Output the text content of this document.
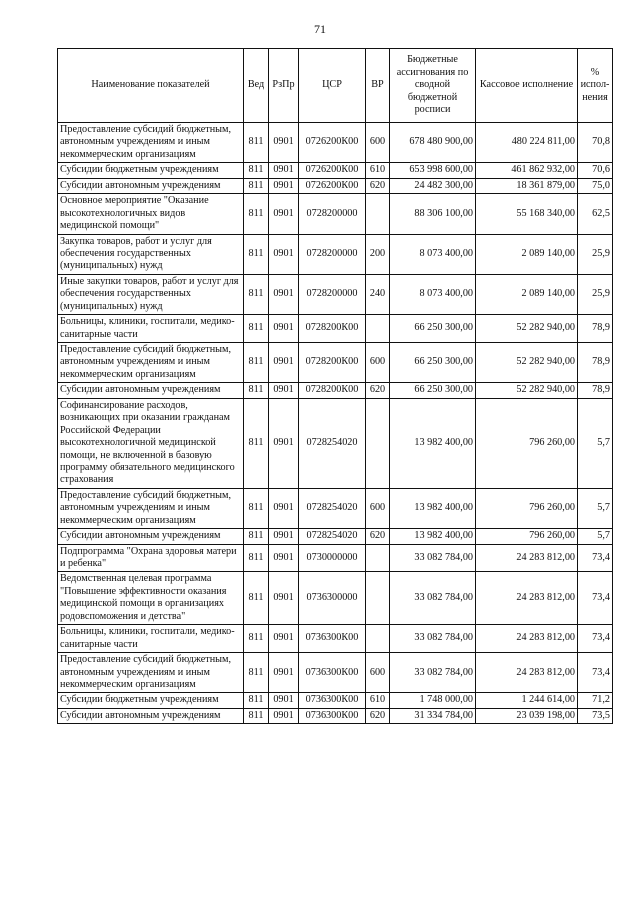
71
Наименование показателей	Вед	РзПр	ЦСР	ВР	Бюджетные ассигнования по сводной бюджетной росписи	Кассовое исполнение	% испол- нения
Предоставление субсидий бюджетным, автономным учреждениям и иным некоммерческим организациям	811	0901	0726200К00	600	678 480 900,00	480 224 811,00	70,8
Субсидии бюджетным учреждениям	811	0901	0726200К00	610	653 998 600,00	461 862 932,00	70,6
Субсидии автономным учреждениям	811	0901	0726200К00	620	24 482 300,00	18 361 879,00	75,0
Основное мероприятие "Оказание высокотехнологичных видов медицинской помощи"	811	0901	0728200000		88 306 100,00	55 168 340,00	62,5
Закупка товаров, работ и услуг для обеспечения государственных (муниципальных) нужд	811	0901	0728200000	200	8 073 400,00	2 089 140,00	25,9
Иные закупки товаров, работ и услуг для обеспечения государственных (муниципальных) нужд	811	0901	0728200000	240	8 073 400,00	2 089 140,00	25,9
Больницы, клиники, госпитали, медико-санитарные части	811	0901	0728200К00		66 250 300,00	52 282 940,00	78,9
Предоставление субсидий бюджетным, автономным учреждениям и иным некоммерческим организациям	811	0901	0728200К00	600	66 250 300,00	52 282 940,00	78,9
Субсидии автономным учреждениям	811	0901	0728200К00	620	66 250 300,00	52 282 940,00	78,9
Софинансирование расходов, возникающих при оказании гражданам Российской Федерации высокотехнологичной медицинской помощи, не включенной в базовую программу обязательного медицинского страхования	811	0901	0728254020		13 982 400,00	796 260,00	5,7
Предоставление субсидий бюджетным, автономным учреждениям и иным некоммерческим организациям	811	0901	0728254020	600	13 982 400,00	796 260,00	5,7
Субсидии автономным учреждениям	811	0901	0728254020	620	13 982 400,00	796 260,00	5,7
Подпрограмма "Охрана здоровья матери и ребенка"	811	0901	0730000000		33 082 784,00	24 283 812,00	73,4
Ведомственная целевая программа "Повышение эффективности оказания медицинской помощи в организациях родовспоможения и детства"	811	0901	0736300000		33 082 784,00	24 283 812,00	73,4
Больницы, клиники, госпитали, медико-санитарные части	811	0901	0736300К00		33 082 784,00	24 283 812,00	73,4
Предоставление субсидий бюджетным, автономным учреждениям и иным некоммерческим организациям	811	0901	0736300К00	600	33 082 784,00	24 283 812,00	73,4
Субсидии бюджетным учреждениям	811	0901	0736300К00	610	1 748 000,00	1 244 614,00	71,2
Субсидии автономным учреждениям	811	0901	0736300К00	620	31 334 784,00	23 039 198,00	73,5
